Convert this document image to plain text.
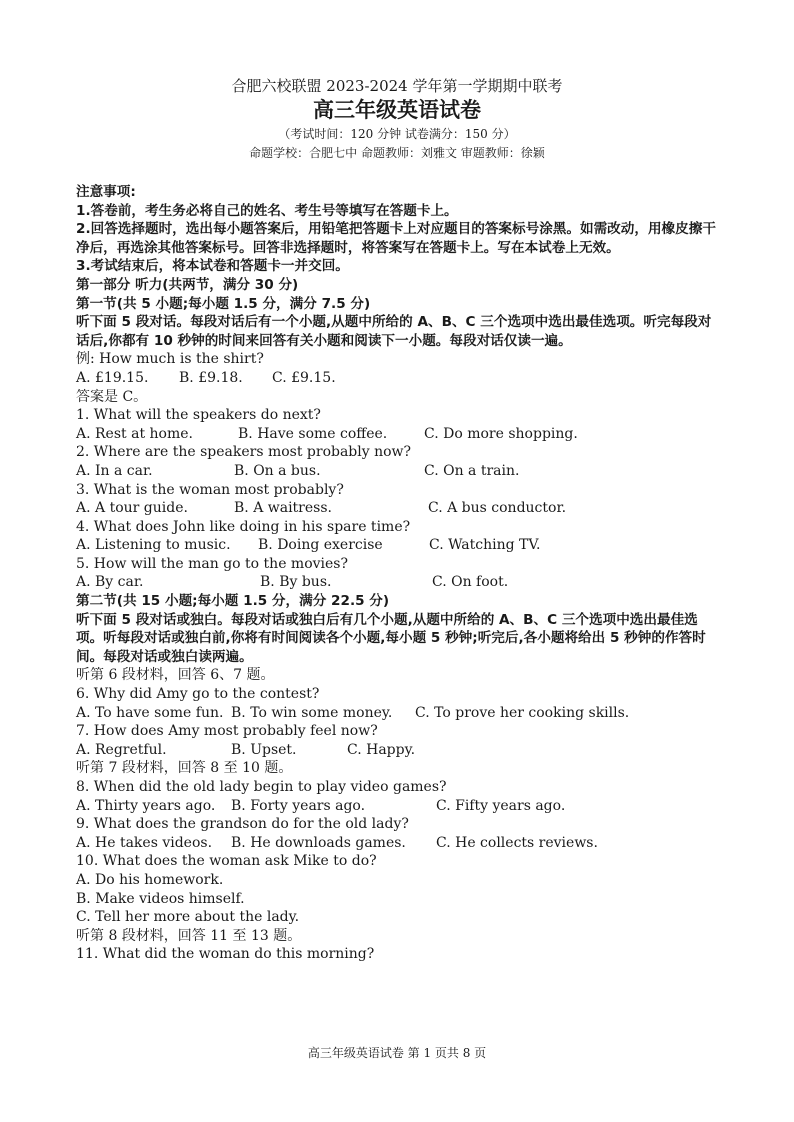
合肥六校联盟 2023-2024 学年第一学期期中联考
高三年级英语试卷
（考试时间：120 分钟 试卷满分：150 分）
命题学校：合肥七中 命题教师：刘雅文 审题教师：徐颖
注意事项:
1.答卷前，考生务必将自己的姓名、考生号等填写在答题卡上。
2.回答选择题时，选出每小题答案后，用铅笔把答题卡上对应题目的答案标号涂黑。如需改动，用橡皮擦干净后，再选涂其他答案标号。回答非选择题时，将答案写在答题卡上。写在本试卷上无效。
3.考试结束后，将本试卷和答题卡一并交回。
第一部分 听力(共两节，满分 30 分)
第一节(共 5 小题;每小题 1.5 分，满分 7.5 分)
听下面 5 段对话。每段对话后有一个小题,从题中所给的 A、B、C 三个选项中选出最佳选项。听完每段对话后,你都有 10 秒钟的时间来回答有关小题和阅读下一小题。每段对话仅读一遍。
例: How much is the shirt?
A. £19.15.	B. £9.18.	C. £9.15.
答案是 C。
1. What will the speakers do next?
A. Rest at home.	B. Have some coffee.	C. Do more shopping.
2. Where are the speakers most probably now?
A. In a car.	B. On a bus.	C. On a train.
3. What is the woman most probably?
A. A tour guide.	B. A waitress.	C. A bus conductor.
4. What does John like doing in his spare time?
A. Listening to music.	B. Doing exercise	C. Watching TV.
5. How will the man go to the movies?
A. By car.	B. By bus.	C. On foot.
第二节(共 15 小题;每小题 1.5 分，满分 22.5 分)
听下面 5 段对话或独白。每段对话或独白后有几个小题,从题中所给的 A、B、C 三个选项中选出最佳选项。听每段对话或独白前,你将有时间阅读各个小题,每小题 5 秒钟;听完后,各小题将给出 5 秒钟的作答时间。每段对话或独白读两遍。
听第 6 段材料，回答 6、7 题。
6. Why did Amy go to the contest?
A. To have some fun. B. To win some money.	C. To prove her cooking skills.
7. How does Amy most probably feel now?
A. Regretful.	B. Upset.	C. Happy.
听第 7 段材料，回答 8 至 10 题。
8. When did the old lady begin to play video games?
A. Thirty years ago.	B. Forty years ago.	C. Fifty years ago.
9. What does the grandson do for the old lady?
A. He takes videos.	B. He downloads games.	C. He collects reviews.
10. What does the woman ask Mike to do?
A. Do his homework.
B. Make videos himself.
C. Tell her more about the lady.
听第 8 段材料，回答 11 至 13 题。
11. What did the woman do this morning?
高三年级英语试卷 第 1 页共 8 页
